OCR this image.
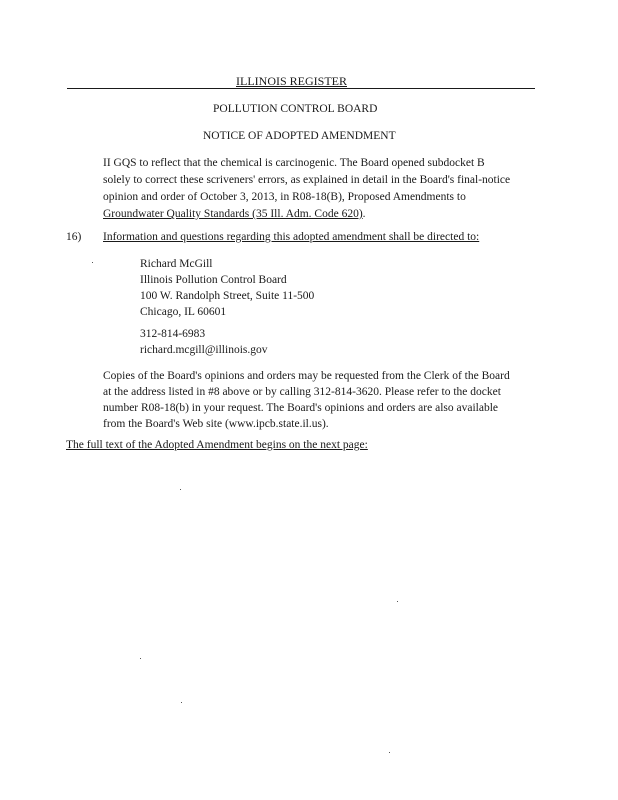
ILLINOIS REGISTER
POLLUTION CONTROL BOARD
NOTICE OF ADOPTED AMENDMENT
II GQS to reflect that the chemical is carcinogenic. The Board opened subdocket B
solely to correct these scriveners' errors, as explained in detail in the Board's final-notice
opinion and order of October 3, 2013, in R08-18(B), Proposed Amendments to
Groundwater Quality Standards (35 Ill. Adm. Code 620).
16) Information and questions regarding this adopted amendment shall be directed to:
Richard McGill
Illinois Pollution Control Board
100 W. Randolph Street, Suite 11-500
Chicago, IL 60601
312-814-6983
richard.mcgill@illinois.gov
Copies of the Board's opinions and orders may be requested from the Clerk of the Board
at the address listed in #8 above or by calling 312-814-3620. Please refer to the docket
number R08-18(b) in your request. The Board's opinions and orders are also available
from the Board's Web site (www.ipcb.state.il.us).
The full text of the Adopted Amendment begins on the next page:
